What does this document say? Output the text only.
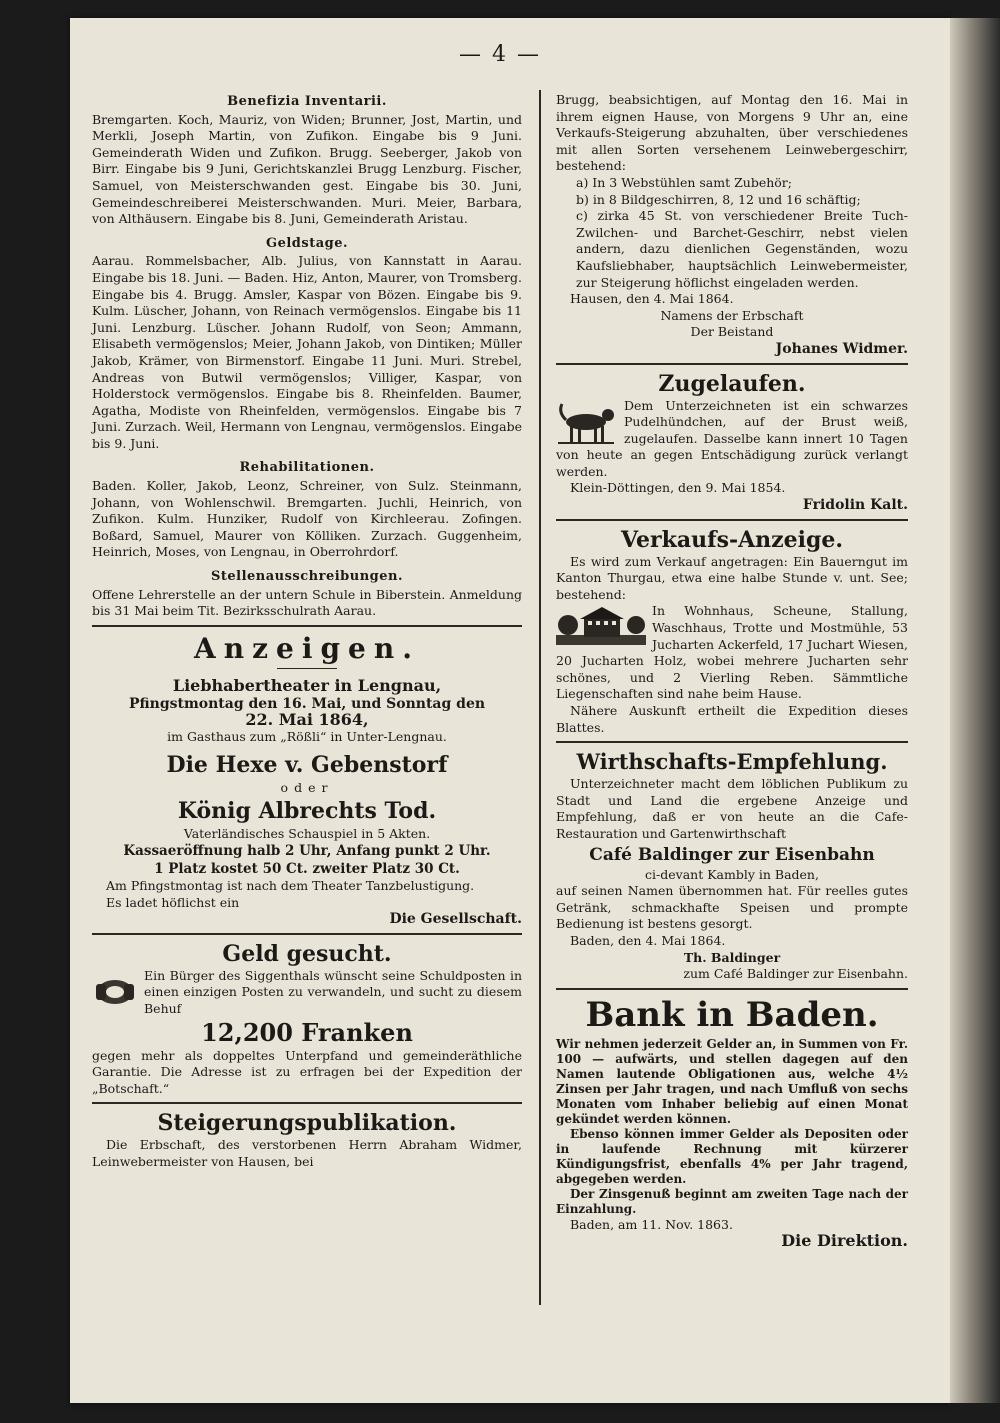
— 4 —
Benefizia Inventarii.

Bremgarten. Koch, Mauriz, von Widen; Brunner, Jost, Martin, und Merkli, Joseph Martin, von Zufikon. Eingabe bis 9 Juni. Gemeinderath Widen und Zufikon. Brugg. Seeberger, Jakob von Birr. Eingabe bis 9 Juni, Gerichtskanzlei Brugg Lenzburg. Fischer, Samuel, von Meisterschwanden gest. Eingabe bis 30. Juni, Gemeindeschreiberei Meisterschwanden. Muri. Meier, Barbara, von Althäusern. Eingabe bis 8. Juni, Gemeinderath Aristau.

Geldstage.

Aarau. Rommelsbacher, Alb. Julius, von Kannstatt in Aarau. Eingabe bis 18. Juni. — Baden. Hiz, Anton, Maurer, von Tromsberg. Eingabe bis 4. Brugg. Amsler, Kaspar von Bözen. Eingabe bis 9. Kulm. Lüscher, Johann, von Reinach vermögenslos. Eingabe bis 11 Juni. Lenzburg. Lüscher. Johann Rudolf, von Seon; Ammann, Elisabeth vermögenslos; Meier, Johann Jakob, von Dintiken; Müller Jakob, Krämer, von Birmenstorf. Eingabe 11 Juni. Muri. Strebel, Andreas von Butwil vermögenslos; Villiger, Kaspar, von Holderstock vermögenslos. Eingabe bis 8. Rheinfelden. Baumer, Agatha, Modiste von Rheinfelden, vermögenslos. Eingabe bis 7 Juni. Zurzach. Weil, Hermann von Lengnau, vermögenslos. Eingabe bis 9. Juni.

Rehabilitationen.

Baden. Koller, Jakob, Leonz, Schreiner, von Sulz. Steinmann, Johann, von Wohlenschwil. Bremgarten. Juchli, Heinrich, von Zufikon. Kulm. Hunziker, Rudolf von Kirchleerau. Zofingen. Boßard, Samuel, Maurer von Kölliken. Zurzach. Guggenheim, Heinrich, Moses, von Lengnau, in Oberrohrdorf.

Stellenausschreibungen.

Offene Lehrerstelle an der untern Schule in Biberstein. Anmeldung bis 31 Mai beim Tit. Bezirksschulrath Aarau.

Anzeigen.
Liebhabertheater in Lengnau,
Pfingstmontag den 16. Mai, und Sonntag den
22. Mai 1864,
im Gasthaus zum „Rößli“ in Unter-Lengnau.
Die Hexe v. Gebenstorf
oder
König Albrechts Tod.
Vaterländisches Schauspiel in 5 Akten.
Kassaeröffnung halb 2 Uhr, Anfang punkt 2 Uhr.
1 Platz kostet 50 Ct. zweiter Platz 30 Ct.

Am Pfingstmontag ist nach dem Theater Tanzbelustigung.

Es ladet höflichst ein

Die Gesellschaft.
Geld gesucht.

Ein Bürger des Siggenthals wünscht seine Schuldposten in einen einzigen Posten zu verwandeln, und sucht zu diesem Behuf

12,200 Franken

gegen mehr als doppeltes Unterpfand und gemeinderäthliche Garantie. Die Adresse ist zu erfragen bei der Expedition der „Botschaft.“

Steigerungspublikation.

Die Erbschaft, des verstorbenen Herrn Abraham Widmer, Leinwebermeister von Hausen, bei

Brugg, beabsichtigen, auf Montag den 16. Mai in ihrem eignen Hause, von Morgens 9 Uhr an, eine Verkaufs-Steigerung abzuhalten, über verschiedenes mit allen Sorten versehenem Leinwebergeschirr, bestehend:

a) In 3 Webstühlen samt Zubehör;
b) in 8 Bildgeschirren, 8, 12 und 16 schäftig;

c) zirka 45 St. von verschiedener Breite Tuch-Zwilchen- und Barchet-Geschirr, nebst vielen andern, dazu dienlichen Gegenständen, wozu Kaufsliebhaber, hauptsächlich Leinwebermeister, zur Steigerung höflichst eingeladen werden.

Hausen, den 4. Mai 1864.

Namens der Erbschaft
Der Beistand
Johanes Widmer.
Zugelaufen.

Dem Unterzeichneten ist ein schwarzes Pudelhündchen, auf der Brust weiß, zugelaufen. Dasselbe kann innert 10 Tagen von heute an gegen Entschädigung zurück verlangt werden.

Klein-Döttingen, den 9. Mai 1854.

Fridolin Kalt.
Verkaufs-Anzeige.

Es wird zum Verkauf angetragen: Ein Bauerngut im Kanton Thurgau, etwa eine halbe Stunde v. unt. See; bestehend:

In Wohnhaus, Scheune, Stallung, Waschhaus, Trotte und Mostmühle, 53 Jucharten Ackerfeld, 17 Juchart Wiesen, 20 Jucharten Holz, wobei mehrere Jucharten sehr schönes, und 2 Vierling Reben. Sämmtliche Liegenschaften sind nahe beim Hause.

Nähere Auskunft ertheilt die Expedition dieses Blattes.

Wirthschafts-Empfehlung.

Unterzeichneter macht dem löblichen Publikum zu Stadt und Land die ergebene Anzeige und Empfehlung, daß er von heute an die Cafe-Restauration und Gartenwirthschaft

Café Baldinger zur Eisenbahn
ci-devant Kambly in Baden,

auf seinen Namen übernommen hat. Für reelles gutes Getränk, schmackhafte Speisen und prompte Bedienung ist bestens gesorgt.

Baden, den 4. Mai 1864.

Th. Baldinger
zum Café Baldinger zur Eisenbahn.
Bank in Baden.

Wir nehmen jederzeit Gelder an, in Summen von Fr. 100 — aufwärts, und stellen dagegen auf den Namen lautende Obligationen aus, welche 4½ Zinsen per Jahr tragen, und nach Umfluß von sechs Monaten vom Inhaber beliebig auf einen Monat gekündet werden können.

Ebenso können immer Gelder als Depositen oder in laufende Rechnung mit kürzerer Kündigungsfrist, ebenfalls 4% per Jahr tragend, abgegeben werden.

Der Zinsgenuß beginnt am zweiten Tage nach der Einzahlung.

Baden, am 11. Nov. 1863.

Die Direktion.
